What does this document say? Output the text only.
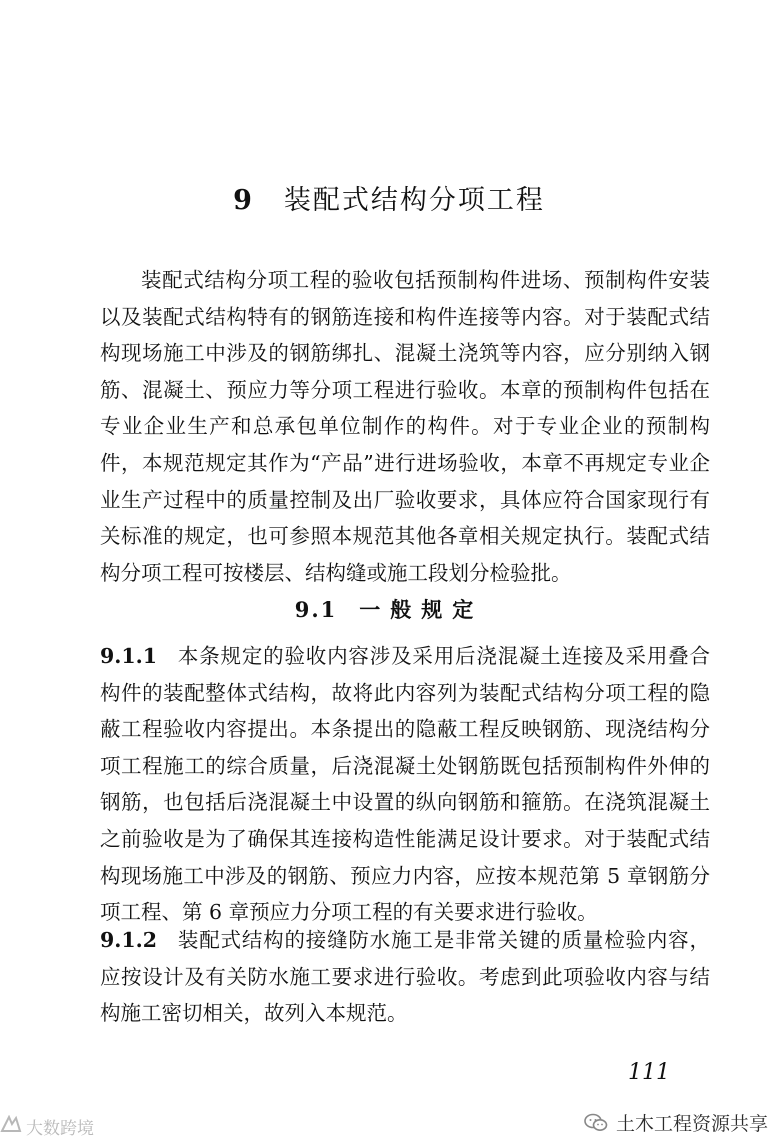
9 装配式结构分项工程

装配式结构分项工程的验收包括预制构件进场、预制构件安装以及装配式结构特有的钢筋连接和构件连接等内容。对于装配式结构现场施工中涉及的钢筋绑扎、混凝土浇筑等内容，应分别纳入钢筋、混凝土、预应力等分项工程进行验收。本章的预制构件包括在专业企业生产和总承包单位制作的构件。对于专业企业的预制构件，本规范规定其作为“产品”进行进场验收，本章不再规定专业企业生产过程中的质量控制及出厂验收要求，具体应符合国家现行有关标准的规定，也可参照本规范其他各章相关规定执行。装配式结构分项工程可按楼层、结构缝或施工段划分检验批。

9.1 一般规定

9.1.1 本条规定的验收内容涉及采用后浇混凝土连接及采用叠合构件的装配整体式结构，故将此内容列为装配式结构分项工程的隐蔽工程验收内容提出。本条提出的隐蔽工程反映钢筋、现浇结构分项工程施工的综合质量，后浇混凝土处钢筋既包括预制构件外伸的钢筋，也包括后浇混凝土中设置的纵向钢筋和箍筋。在浇筑混凝土之前验收是为了确保其连接构造性能满足设计要求。对于装配式结构现场施工中涉及的钢筋、预应力内容，应按本规范第 5 章钢筋分项工程、第 6 章预应力分项工程的有关要求进行验收。

9.1.2 装配式结构的接缝防水施工是非常关键的质量检验内容，应按设计及有关防水施工要求进行验收。考虑到此项验收内容与结构施工密切相关，故列入本规范。

111
大数跨境	土木工程资源共享
